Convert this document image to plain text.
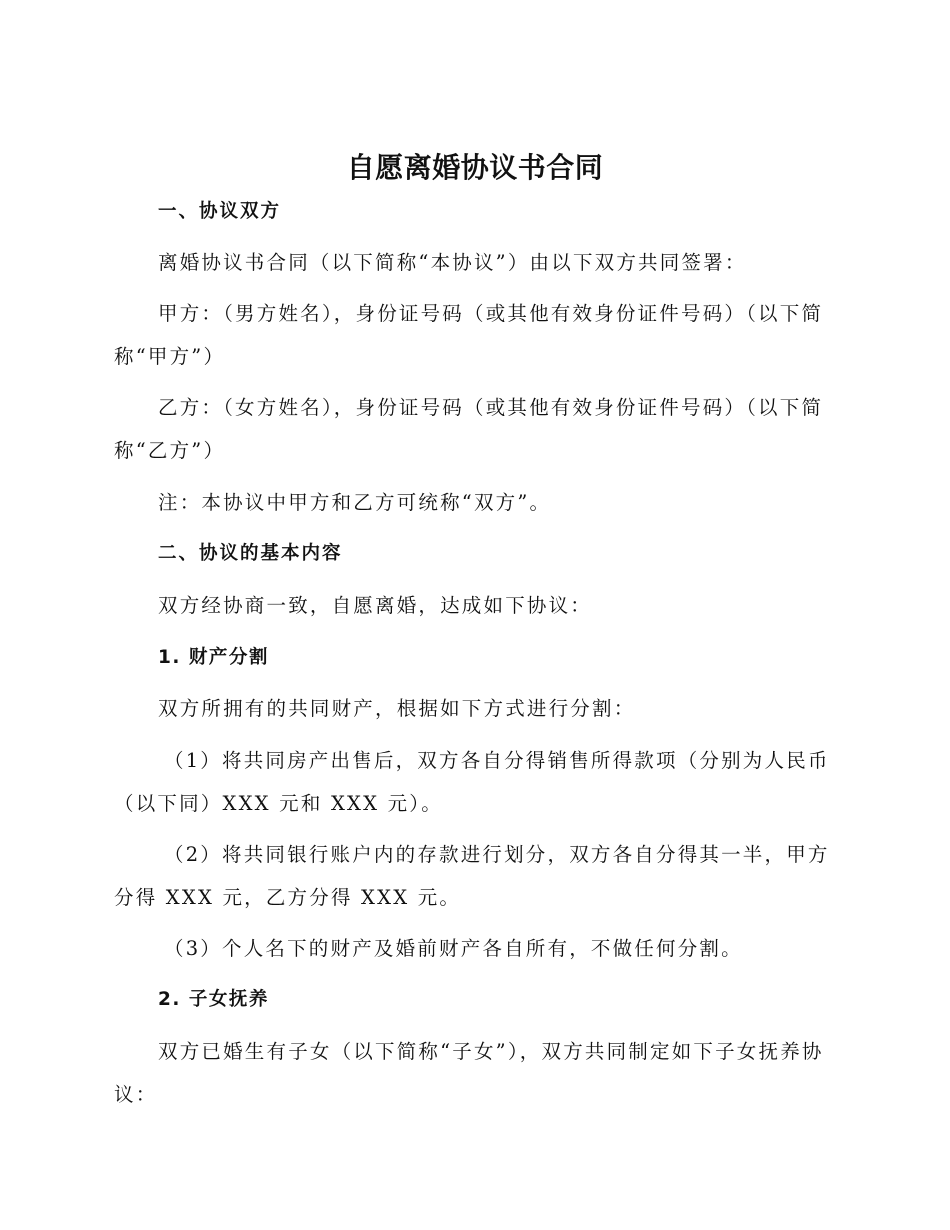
自愿离婚协议书合同

一、协议双方

离婚协议书合同（以下简称“本协议”）由以下双方共同签署：

甲方：（男方姓名），身份证号码（或其他有效身份证件号码）（以下简称“甲方”）

乙方：（女方姓名），身份证号码（或其他有效身份证件号码）（以下简称“乙方”）

注：本协议中甲方和乙方可统称“双方”。

二、协议的基本内容

双方经协商一致，自愿离婚，达成如下协议：

1. 财产分割

双方所拥有的共同财产，根据如下方式进行分割：

（1）将共同房产出售后，双方各自分得销售所得款项（分别为人民币（以下同）XXX 元和 XXX 元）。

（2）将共同银行账户内的存款进行划分，双方各自分得其一半，甲方分得 XXX 元，乙方分得 XXX 元。

（3）个人名下的财产及婚前财产各自所有，不做任何分割。

2. 子女抚养

双方已婚生有子女（以下简称“子女”），双方共同制定如下子女抚养协议：
